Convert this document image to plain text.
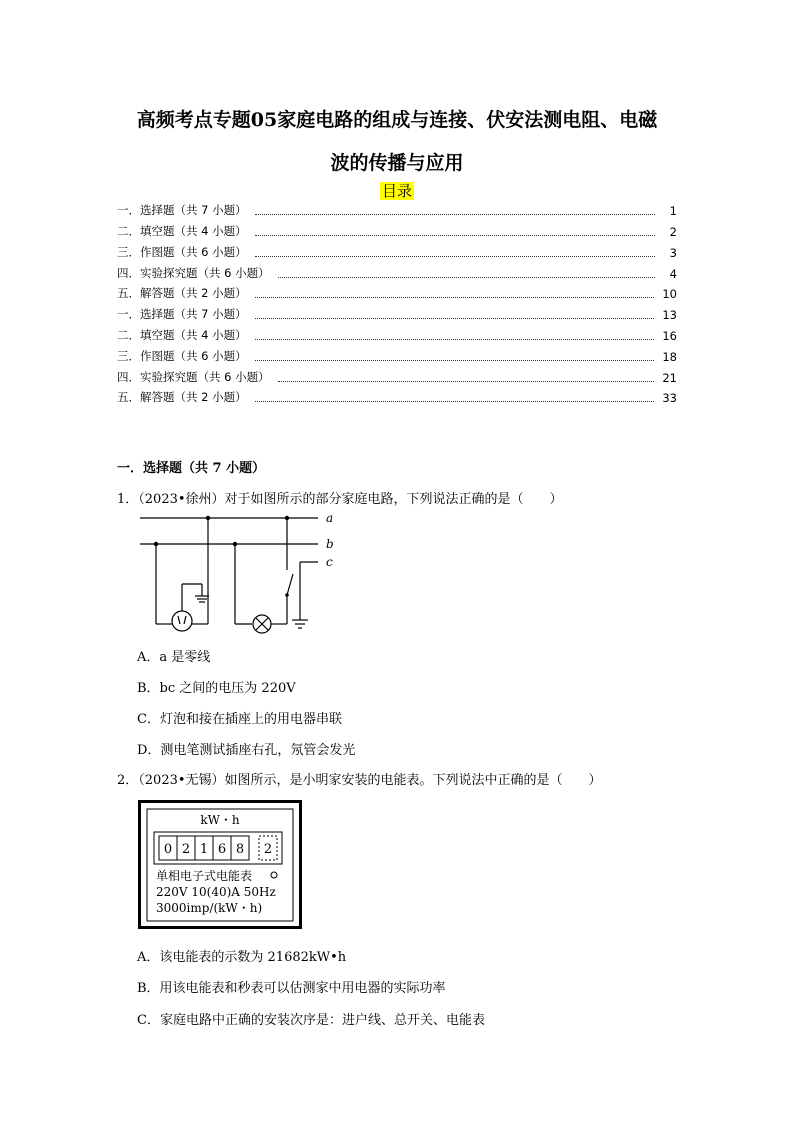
高频考点专题05家庭电路的组成与连接、伏安法测电阻、电磁
波的传播与应用
目录
一．选择题（共 7 小题）	1
二．填空题（共 4 小题）	2
三．作图题（共 6 小题）	3
四．实验探究题（共 6 小题）	4
五．解答题（共 2 小题）	10
一．选择题（共 7 小题）	13
二．填空题（共 4 小题）	16
三．作图题（共 6 小题）	18
四．实验探究题（共 6 小题）	21
五．解答题（共 2 小题）	33
一．选择题（共 7 小题）
1．（2023•徐州）对于如图所示的部分家庭电路，下列说法正确的是（　　）
a
b
c
A．a 是零线
B．bc 之间的电压为 220V
C．灯泡和接在插座上的用电器串联
D．测电笔测试插座右孔，氖管会发光
2．（2023•无锡）如图所示，是小明家安装的电能表。下列说法中正确的是（　　）
kW・h
0 2 1 6 8 2
单相电子式电能表
220V 10(40)A 50Hz
3000imp/(kW・h)
A．该电能表的示数为 21682kW•h
B．用该电能表和秒表可以估测家中用电器的实际功率
C．家庭电路中正确的安装次序是：进户线、总开关、电能表
